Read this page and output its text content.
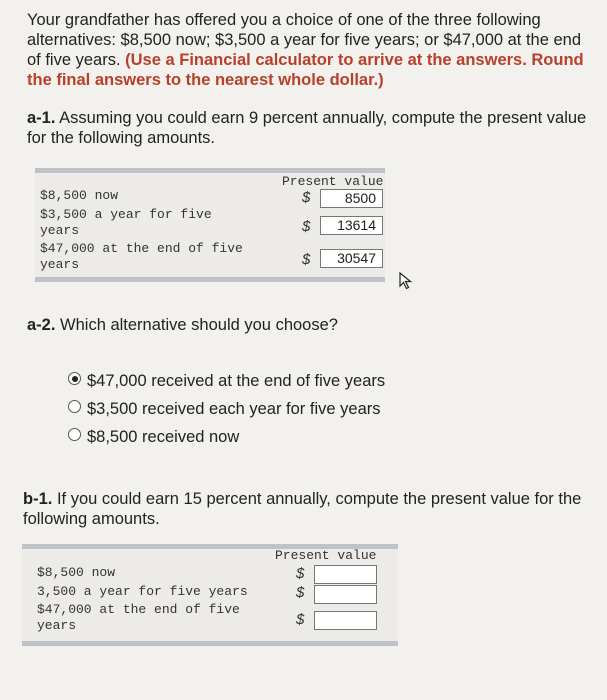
Your grandfather has offered you a choice of one of the three following alternatives: $8,500 now; $3,500 a year for five years; or $47,000 at the end of five years. (Use a Financial calculator to arrive at the answers. Round the final answers to the nearest whole dollar.)

a-1. Assuming you could earn 9 percent annually, compute the present value for the following amounts.

Present value
$8,500 now	$	8500
$3,500 a year for five years	$	13614
$47,000 at the end of five years	$	30547

a-2. Which alternative should you choose?

$47,000 received at the end of five years
$3,500 received each year for five years
$8,500 received now

b-1. If you could earn 15 percent annually, compute the present value for the following amounts.

Present value
$8,500 now	$
3,500 a year for five years	$
$47,000 at the end of five years	$
